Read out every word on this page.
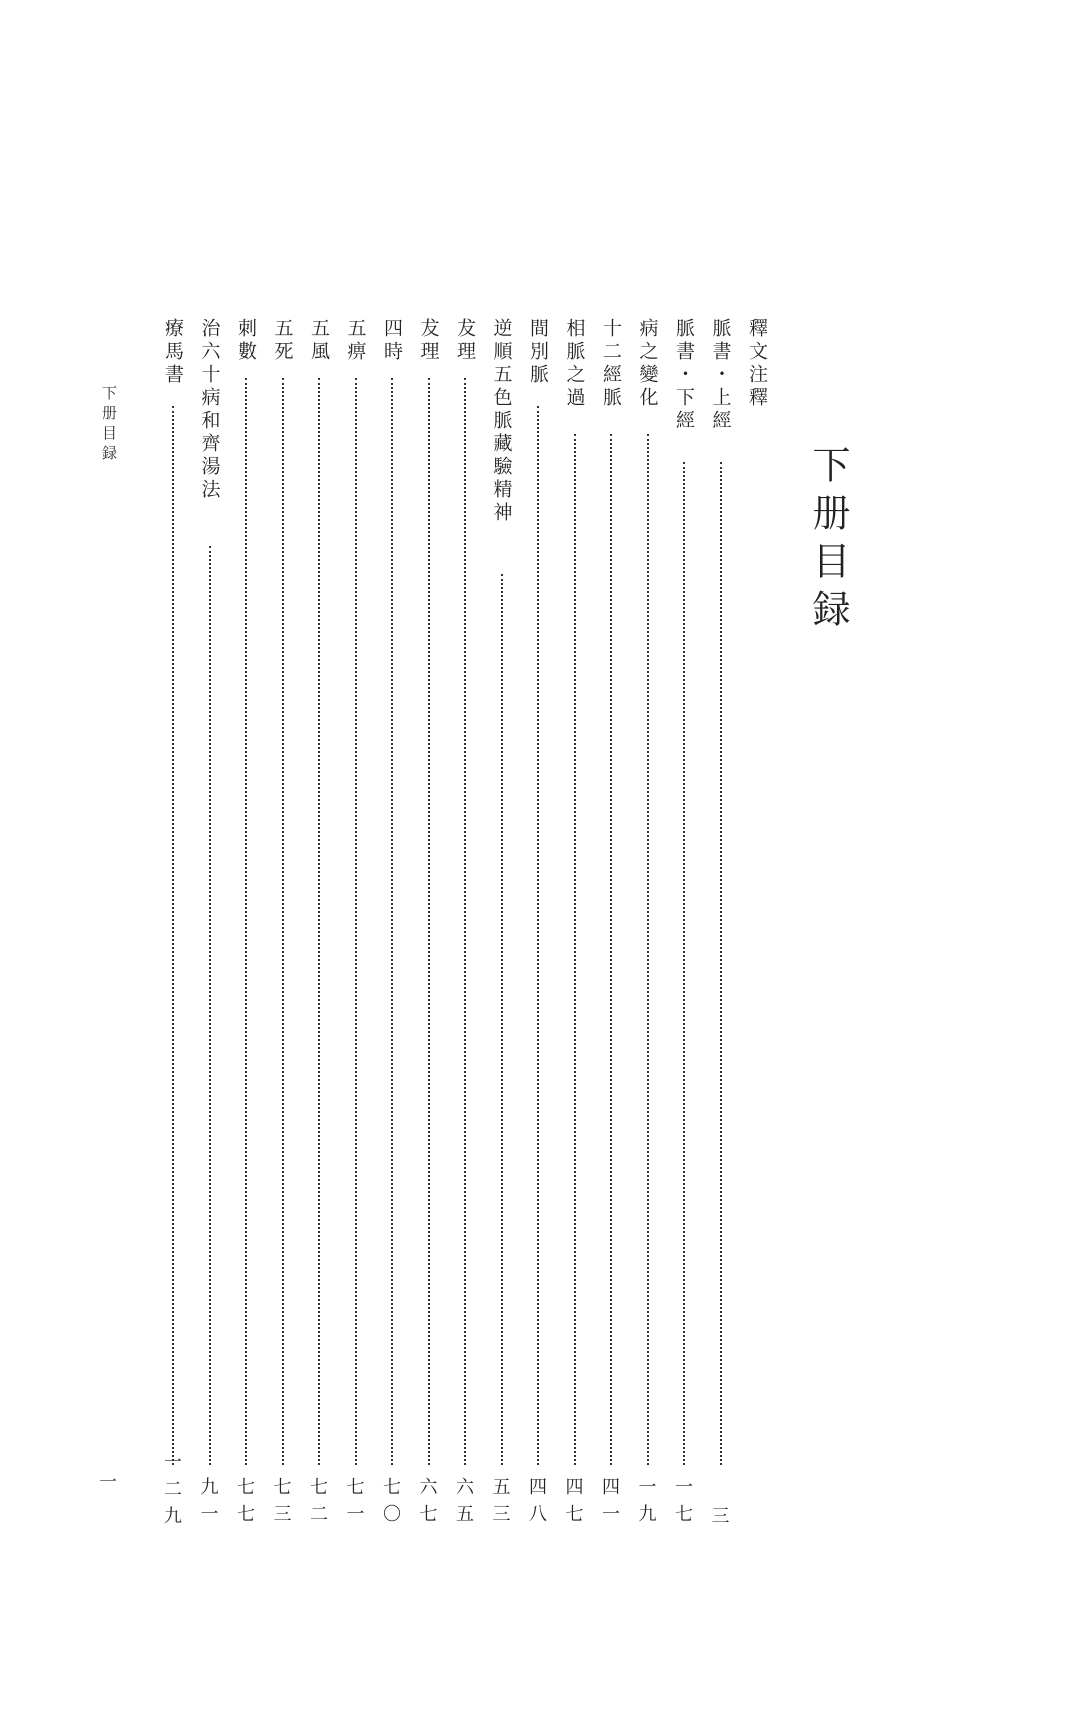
下册目録
一
下册目録
釋文注釋
脈書・上經
三
脈書・下經
一
七
病之變化
一
九
十二經脈
四
一
相脈之過
四
七
間別脈
四
八
逆順五色脈藏驗精神
五
三
犮理
六
五
犮理
六
七
四時
七
〇
五痹
七
一
五風
七
二
五死
七
三
刺數
七
七
治六十病和齊湯法
九
一
療馬書
一
二
九
